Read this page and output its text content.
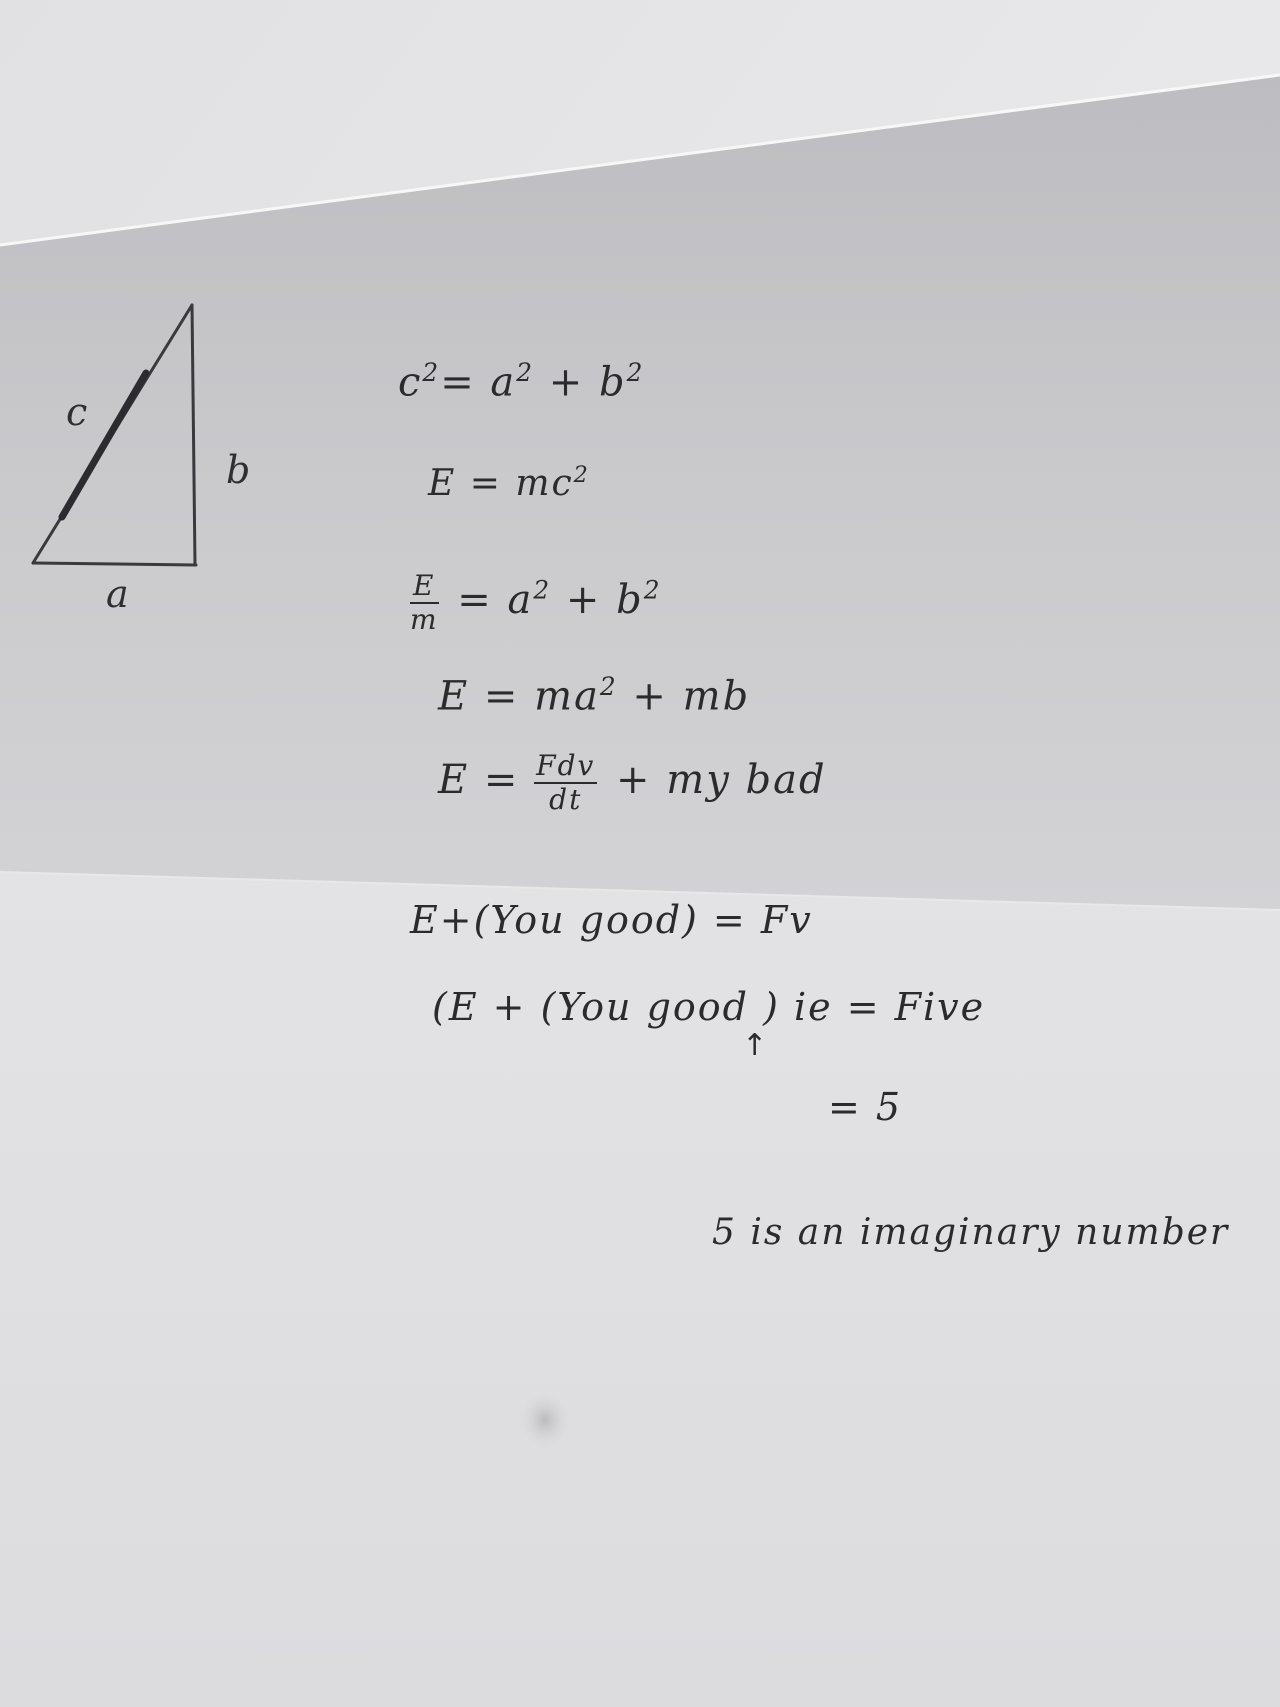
c
b
a
$c^2= a^2 + b^2$
$E = mc^2$
$\frac{E}{m} = a^2 + b^2$
$E = ma^2$ + mb
$E = \frac{\text{Fdv}}{dt}$ + my bad
E+(You good) = Fv
(E + (You good ) ie = Five
↑
= 5
5 is an imaginary number
